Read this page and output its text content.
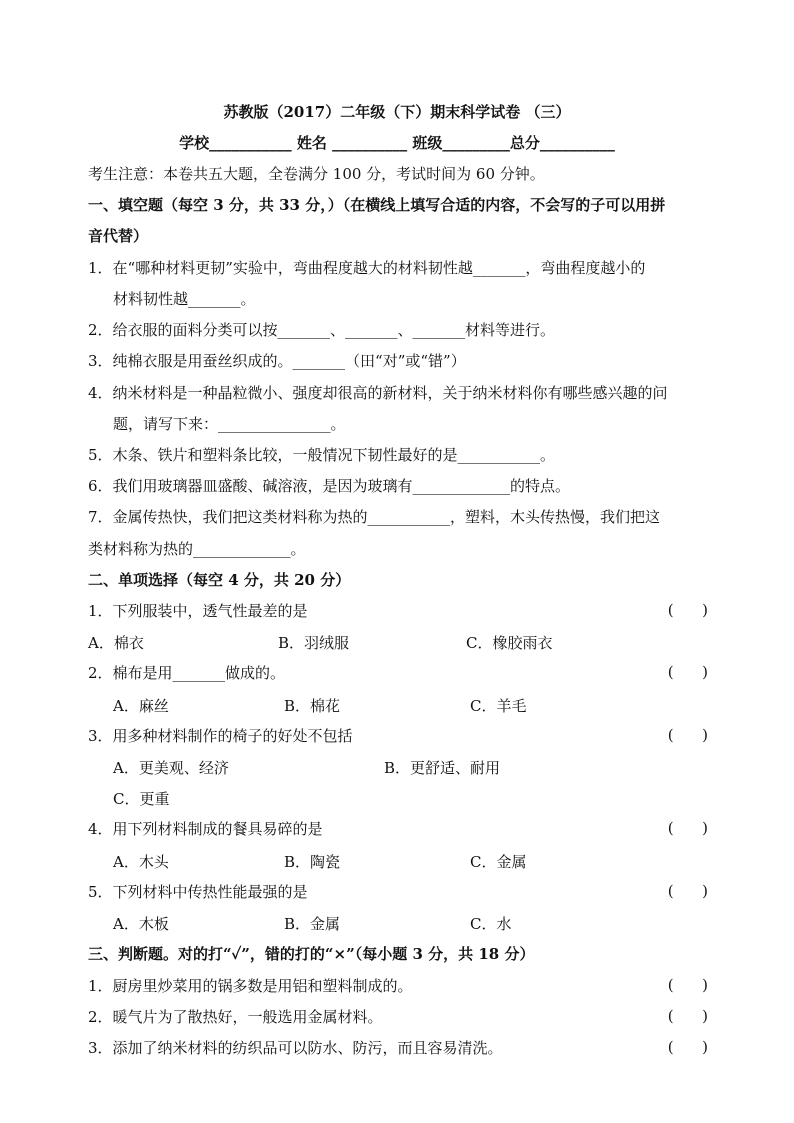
苏教版（2017）二年级（下）期末科学试卷 （三）
学校___________ 姓名 __________ 班级_________总分__________
考生注意：本卷共五大题，全卷满分 100 分，考试时间为 60 分钟。
一、填空题（每空 3 分，共 33 分，）（在横线上填写合适的内容，不会写的子可以用拼
音代替）
1．在“哪种材料更韧”实验中，弯曲程度越大的材料韧性越_______，弯曲程度越小的
材料韧性越_______。
2．给衣服的面料分类可以按_______、_______、_______材料等进行。
3．纯棉衣服是用蚕丝织成的。_______（田“对”或“错”）
4．纳米材料是一种晶粒微小、强度却很高的新材料，关于纳米材料你有哪些感兴趣的问
题，请写下来：_______________。
5．木条、铁片和塑料条比较，一般情况下韧性最好的是___________。
6．我们用玻璃器皿盛酸、碱溶液，是因为玻璃有_____________的特点。
7．金属传热快，我们把这类材料称为热的___________，塑料，木头传热慢，我们把这
类材料称为热的_____________。
二、单项选择（每空 4 分，共 20 分）
1．下列服装中，透气性最差的是	(      )
A．棉衣	B．羽绒服	C．橡胶雨衣
2．棉布是用_______做成的。	(      )
A．麻丝	B．棉花	C．羊毛
3．用多种材料制作的椅子的好处不包括	(      )
A．更美观、经济	B．更舒适、耐用
C．更重
4．用下列材料制成的餐具易碎的是	(      )
A．木头	B．陶瓷	C．金属
5．下列材料中传热性能最强的是	(      )
A．木板	B．金属	C．水
三、判断题。对的打“✓”，错的打的“×”（每小题 3 分，共 18 分）
1．厨房里炒菜用的锅多数是用铝和塑料制成的。	(      )
2．暖气片为了散热好，一般选用金属材料。	(      )
3．添加了纳米材料的纺织品可以防水、防污，而且容易清洗。	(      )
